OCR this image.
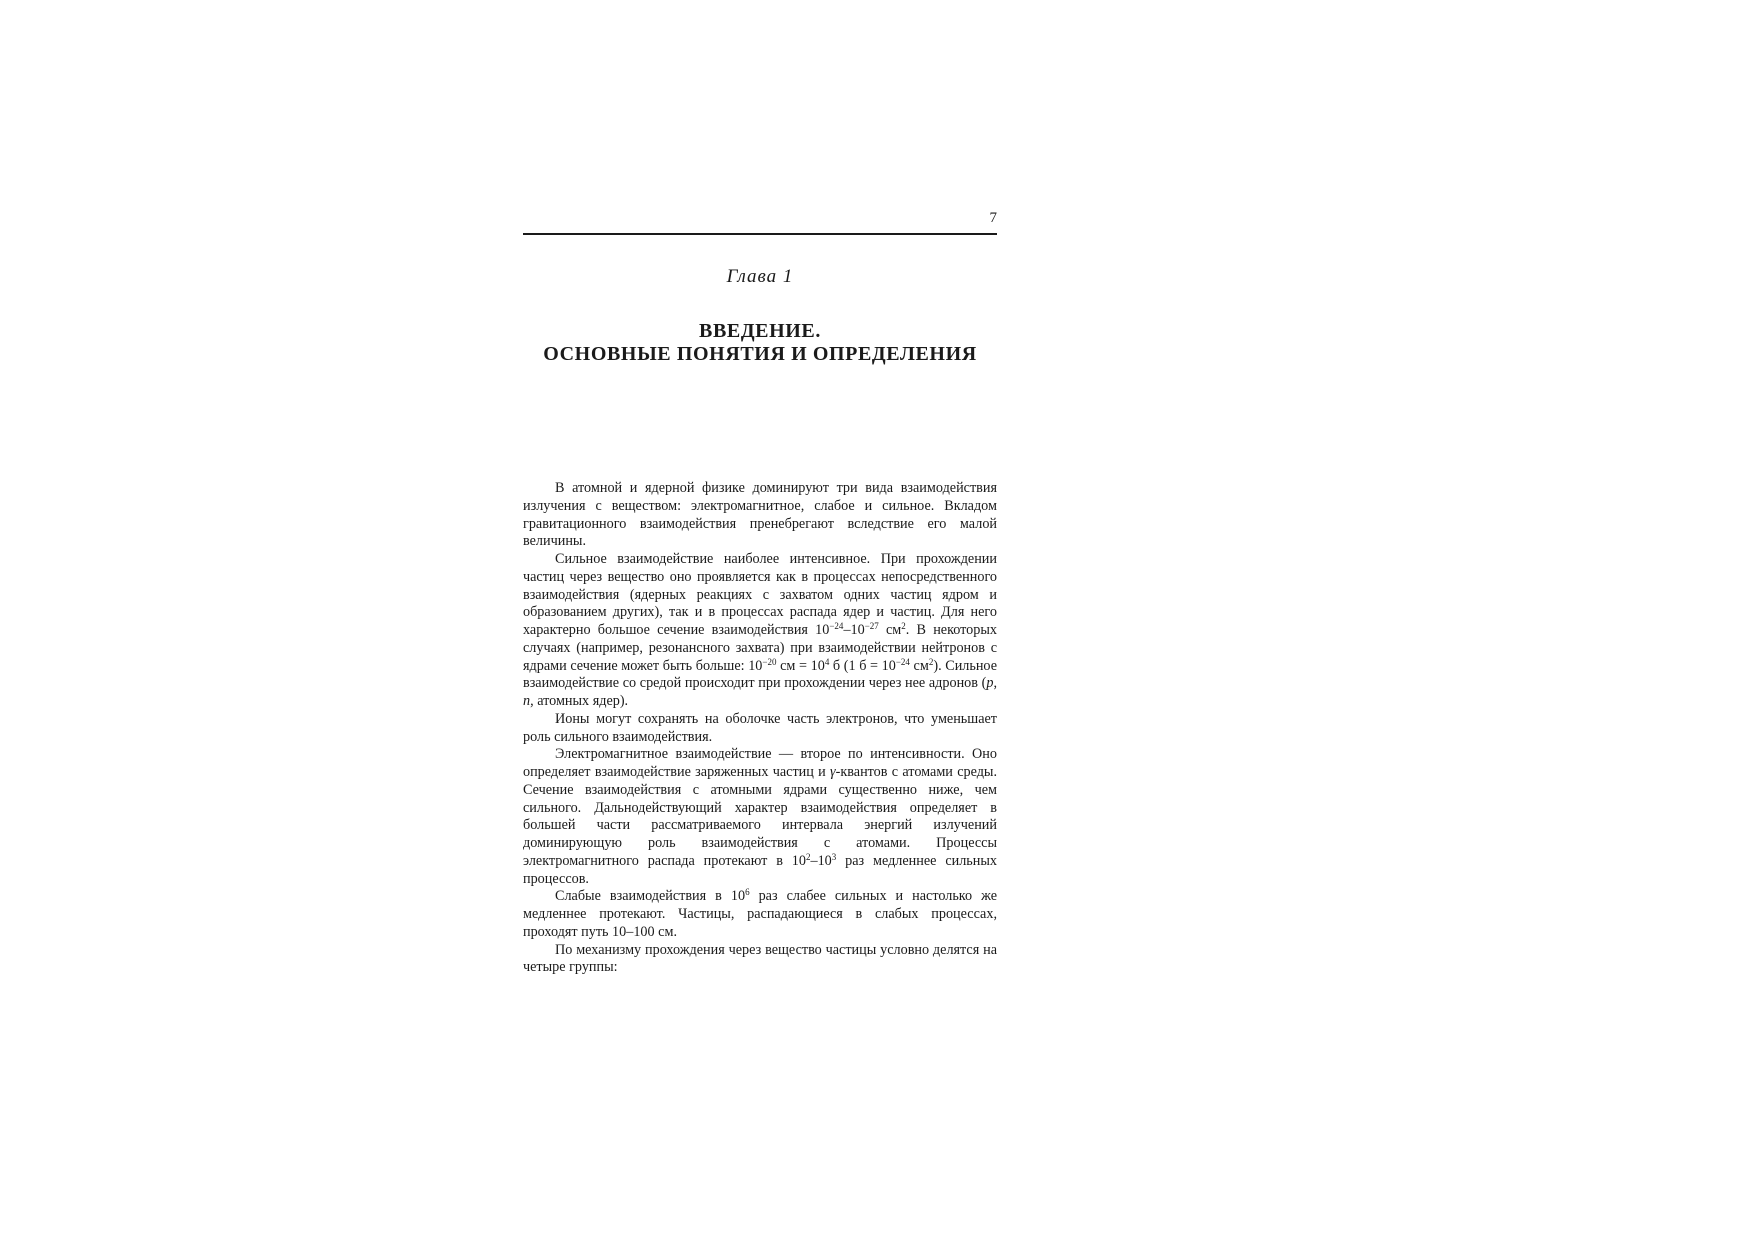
7
Глава 1
ВВЕДЕНИЕ.
ОСНОВНЫЕ ПОНЯТИЯ И ОПРЕДЕЛЕНИЯ

В атомной и ядерной физике доминируют три вида взаимодействия излучения с веществом: электромагнитное, слабое и сильное. Вкладом гравитационного взаимодействия пренебрегают вследствие его малой величины.

Сильное взаимодействие наиболее интенсивное. При прохождении частиц через вещество оно проявляется как в процессах непосредственного взаимодействия (ядерных реакциях с захватом одних частиц ядром и образованием других), так и в процессах распада ядер и частиц. Для него характерно большое сечение взаимодействия $10^{-24}-10^{-27}$ $см^2$. В некоторых случаях (например, резонансного захвата) при взаимодействии нейтронов с ядрами сечение может быть больше: $10^{-20}$ см = $10^4$ б (1 $б = 10^{-24}$ $см^2$). Сильное взаимодействие со средой происходит при прохождении через нее адронов (p, n, атомных ядер).

Ионы могут сохранять на оболочке часть электронов, что уменьшает роль сильного взаимодействия.

Электромагнитное взаимодействие — второе по интенсивности. Оно определяет взаимодействие заряженных частиц и γ-квантов с атомами среды. Сечение взаимодействия с атомными ядрами существенно ниже, чем сильного. Дальнодействующий характер взаимодействия определяет в большей части рассматриваемого интервала энергий излучений доминирующую роль взаимодействия с атомами. Процессы электромагнитного распада протекают в $10^2-10^3$ раз медленнее сильных процессов.

Слабые взаимодействия в $10^6$ раз слабее сильных и настолько же медленнее протекают. Частицы, распадающиеся в слабых процессах, проходят путь 10–100 см.

По механизму прохождения через вещество частицы условно делятся на четыре группы:
